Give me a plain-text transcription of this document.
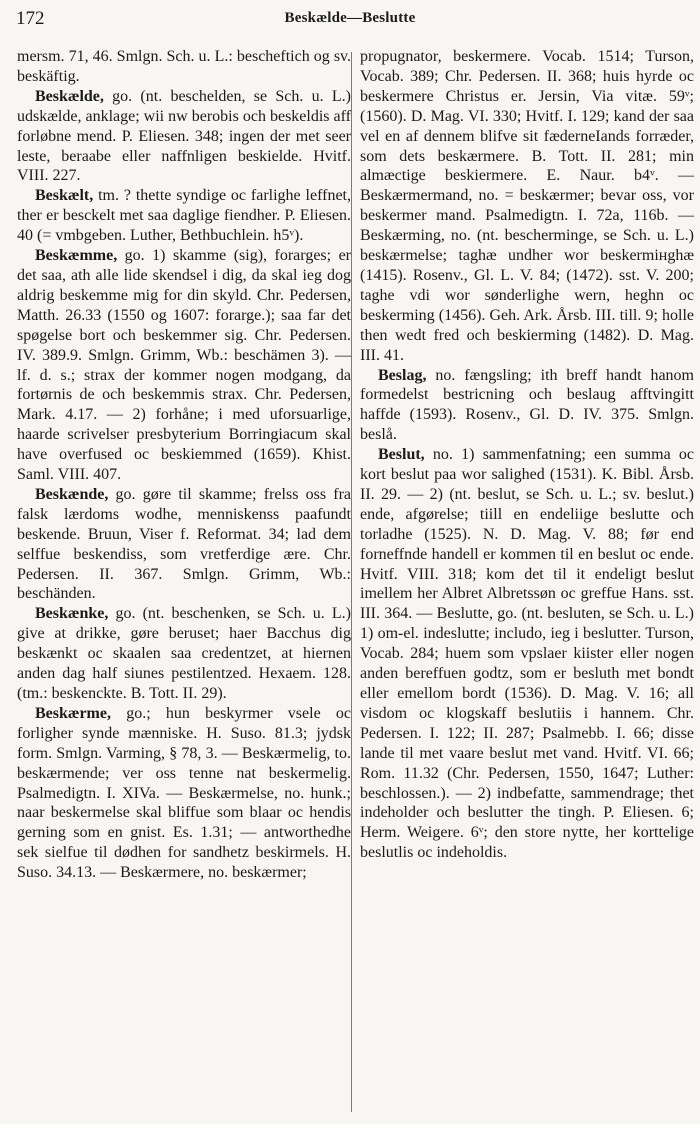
172	Beskælde—Beslutte

mersm. 71, 46. Smlgn. Sch. u. L.: bescheftich og sv. beskäftig.

Beskælde, go. (nt. beschelden, se Sch. u. L.) udskælde, anklage; wii nw berobis och beskeldis aff forløbne mend. P. Eliesen. 348; ingen der met seer leste, beraabe eller naffnligen beskielde. Hvitf. VIII. 227.

Beskælt, tm. ? thette syndige oc farlighe leffnet, ther er besckelt met saa daglige fiendher. P. Eliesen. 40 (= vmbgeben. Luther, Bethbuchlein. h5ᵛ).

Beskæmme, go. 1) skamme (sig), forarges; er det saa, ath alle lide skendsel i dig, da skal ieg dog aldrig beskemme mig for din skyld. Chr. Pedersen, Matth. 26.33 (1550 og 1607: forarge.); saa far det spøgelse bort och beskemmer sig. Chr. Pedersen. IV. 389.9. Smlgn. Grimm, Wb.: beschämen 3). — lf. d. s.; strax der kommer nogen modgang, da fortørnis de och beskemmis strax. Chr. Pedersen, Mark. 4.17. — 2) forhåne; i med uforsuarlige, haarde scrivelser presbyterium Borringiacum skal have overfused oc beskiemmed (1659). Khist. Saml. VIII. 407.

Beskænde, go. gøre til skamme; frelss oss fra falsk lærdoms wodhe, menniskenss paafundt beskende. Bruun, Viser f. Reformat. 34; lad dem selffue beskendiss, som vretferdige ære. Chr. Pedersen. II. 367. Smlgn. Grimm, Wb.: beschänden.

Beskænke, go. (nt. beschenken, se Sch. u. L.) give at drikke, gøre beruset; haer Bacchus dig beskænkt oc skaalen saa credentzet, at hiernen anden dag half siunes pestilentzed. Hexaem. 128. (tm.: beskenckte. B. Tott. II. 29).

Beskærme, go.; hun beskyrmer vsele oc forligher synde mænniske. H. Suso. 81.3; jydsk form. Smlgn. Varming, § 78, 3. — Beskærmelig, to. beskærmende; ver oss tenne nat beskermelig. Psalmedigtn. I. XIVa. — Beskærmelse, no. hunk.; naar beskermelse skal bliffue som blaar oc hendis gerning som en gnist. Es. 1.31; — antworthedhe sek sielfue til dødhen for sandhetz beskirmels. H. Suso. 34.13. — Beskærmere, no. beskærmer;

propugnator, beskermere. Vocab. 1514; Turson, Vocab. 389; Chr. Pedersen. II. 368; huis hyrde oc beskermere Christus er. Jersin, Via vitæ. 59ᵛ; (1560). D. Mag. VI. 330; Hvitf. I. 129; kand der saa vel en af dennem blifve sit fæderneIands forræder, som dets beskærmere. B. Tott. II. 281; min almæctige beskiermere. E. Naur. b4ᵛ. — Beskærmermand, no. = beskærmer; bevar oss, vor beskermer mand. Psalmedigtn. I. 72a, 116b. — Beskærming, no. (nt. beschermingе, se Sch. u. L.) beskærmelse; taghæ undher wor beskermінghæ (1415). Rosenv., Gl. L. V. 84; (1472). sst. V. 200; taghe vdi wor sønderlighe wern, heghn oc beskerming (1456). Geh. Ark. Årsb. III. till. 9; holle then wedt fred och beskierming (1482). D. Mag. III. 41.

Beslag, no. fængsling; ith breff handt hanom formedelst bestricning och beslaug afftvingitt haffde (1593). Rosenv., Gl. D. IV. 375. Smlgn. beslå.

Beslut, no. 1) sammenfatning; een summa oc kort beslut paa wor salighed (1531). K. Bibl. Årsb. II. 29. — 2) (nt. beslut, se Sch. u. L.; sv. beslut.) ende, afgørelse; tiill en endeliige beslutte och torladhe (1525). N. D. Mag. V. 88; før end forneffnde handell er kommen til en beslut oc ende. Hvitf. VIII. 318; kom det til it endeligt beslut imellem her Albret Albretssøn oc greffue Hans. sst. III. 364. — Beslutte, go. (nt. besluten, se Sch. u. L.) 1) om-el. indeslutte; includo, ieg i beslutter. Turson, Vocab. 284; huem som vpslaer kiister eller nogen anden bereffuen godtz, som er besluth met bondt eller emellom bordt (1536). D. Mag. V. 16; all visdom oc klogskaff beslutiis i hannem. Chr. Pedersen. I. 122; II. 287; Psalmebb. I. 66; disse lande til met vaare beslut met vand. Hvitf. VI. 66; Rom. 11.32 (Chr. Pedersen, 1550, 1647; Luther: beschlossen.). — 2) indbefatte, sammendrage; thet indeholder och beslutter the tingh. P. Eliesen. 6; Herm. Weigere. 6ᵛ; den store nytte, her korttelige beslutlis oc indeholdis.
